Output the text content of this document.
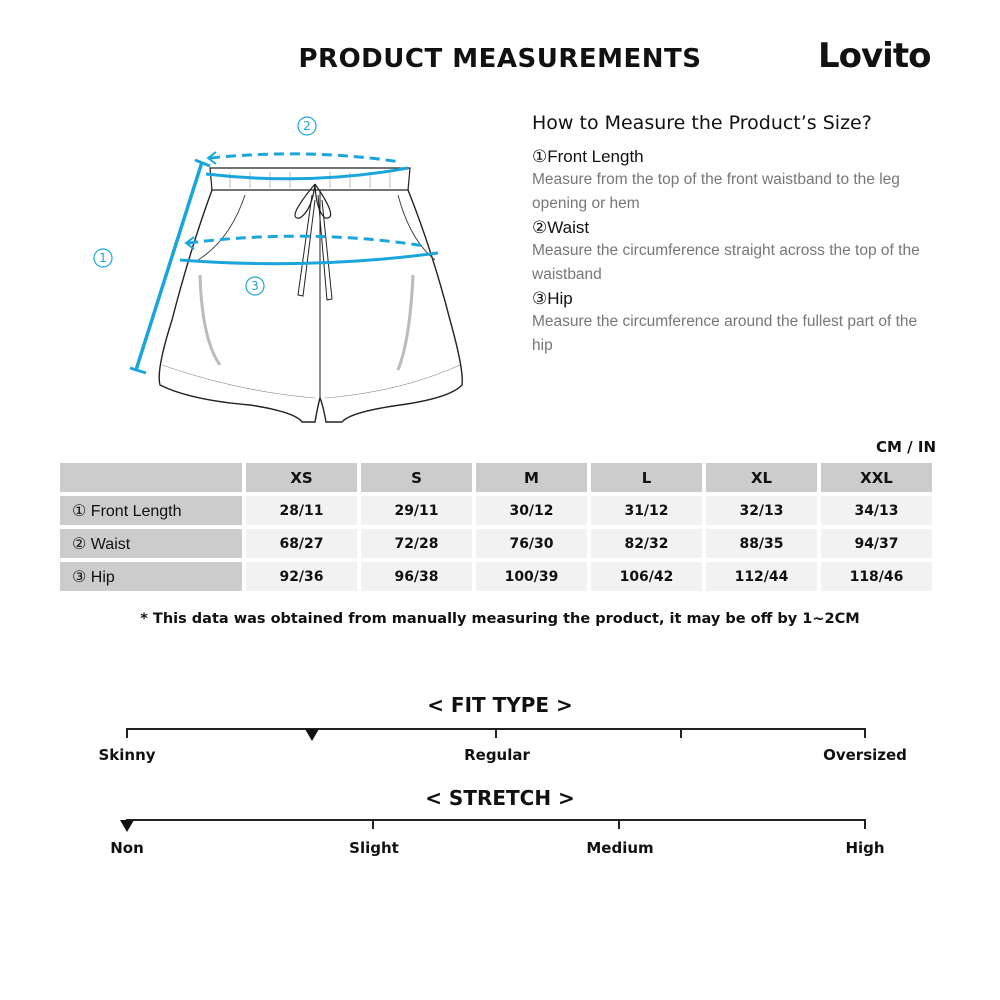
PRODUCT MEASUREMENTS	Lovito
2
1
3
How to Measure the Product’s Size?

①Front Length

Measure from the top of the front waistband to the leg opening or hem

②Waist

Measure the circumference straight across the top of the waistband

③Hip

Measure the circumference around the fullest part of the hip

CM / IN
	XS	S	M	L	XL	XXL
① Front Length	28/11	29/11	30/12	31/12	32/13	34/13
② Waist	68/27	72/28	76/30	82/32	88/35	94/37
③ Hip	92/36	96/38	100/39	106/42	112/44	118/46
* This data was obtained from manually measuring the product, it may be off by 1~2CM
< FIT TYPE >
Skinny	Regular	Oversized
< STRETCH >
Non	Slight	Medium	High
